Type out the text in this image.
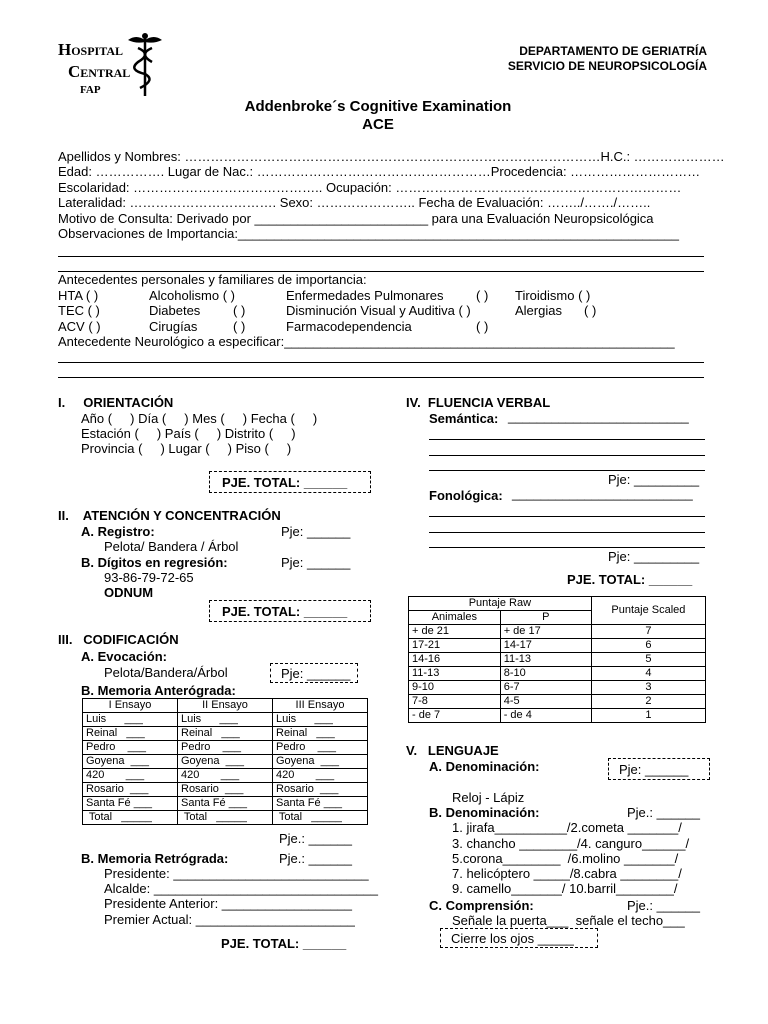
Hospital
Central
FAP
DEPARTAMENTO DE GERIATRÍA
SERVICIO DE NEUROPSICOLOGÍA
Addenbroke´s Cognitive Examination
ACE
Apellidos y Nombres: ……………………………………………………………………………………H.C.: …………………
Edad: ……………. Lugar de Nac.: ………………………………………………Procedencia: …………………………
Escolaridad: …………………………………….. Ocupación: …………………………………………………………
Lateralidad: ……………………………. Sexo: ………………….. Fecha de Evaluación: ……../……./……..
Motivo de Consulta: Derivado por ________________________ para una Evaluación Neuropsicológica
Observaciones de Importancia:_____________________________________________________________
Antecedentes personales y familiares de importancia:
HTA ( )	Alcoholismo ( )	Enfermedades Pulmonares ( ) Tiroidismo ( )
TEC ( )	Diabetes	( )	Disminución Visual y Auditiva ( )	Alergias ( )
ACV ( )	Cirugías	( )	Farmacodependencia	( )
Antecedente Neurológico a especificar:______________________________________________________
I.     ORIENTACIÓN
Año (     ) Día (     ) Mes (     ) Fecha (     )
Estación (     ) País (     ) Distrito (     )
Provincia (     ) Lugar (     ) Piso (     )
PJE. TOTAL: ______
II.    ATENCIÓN Y CONCENTRACIÓN
A. Registro:	Pje: ______
Pelota/ Bandera / Árbol
B. Dígitos en regresión:	Pje: ______
93-86-79-72-65
ODNUM
PJE. TOTAL: ______
III.   CODIFICACIÓN
A. Evocación:
Pelota/Bandera/Árbol	Pje: ______
B. Memoria Anterógrada:
I Ensayo	II Ensayo	III Ensayo
Luis      ___	Luis      ___	Luis      ___
Reinal   ___	Reinal   ___	Reinal   ___
Pedro    ___	Pedro    ___	Pedro    ___
Goyena  ___	Goyena  ___	Goyena  ___
420       ___	420       ___	420       ___
Rosario  ___	Rosario  ___	Rosario  ___
Santa Fé ___	Santa Fé ___	Santa Fé ___
Total   _____	Total   _____	Total   _____
Pje.: ______
B. Memoria Retrógrada:	Pje.: ______
Presidente: ___________________________
Alcalde: _______________________________
Presidente Anterior: __________________
Premier Actual: ______________________
PJE. TOTAL: ______
IV.  FLUENCIA VERBAL
Semántica: _________________________
Pje: _________
Fonológica: _________________________
Pje: _________
PJE. TOTAL: ______
Puntaje Raw		Puntaje Scaled
Animales	P	
+ de 21	+ de 17	7
17-21	14-17	6
14-16	11-13	5
11-13	8-10	4
9-10	6-7	3
7-8	4-5	2
- de 7	- de 4	1
V.   LENGUAJE
A. Denominación:	Pje: ______
Reloj - Lápiz
B. Denominación:	Pje.: ______
1. jirafa__________/2.cometa _______/
3. chancho ________/4. canguro______/
5.corona________  /6.molino _______/
7. helicóptero _____/8.cabra ________/
9. camello_______/ 10.barril________/
C. Comprensión:	Pje.: ______
Señale la puerta___  señale el techo___
Cierre los ojos _____
